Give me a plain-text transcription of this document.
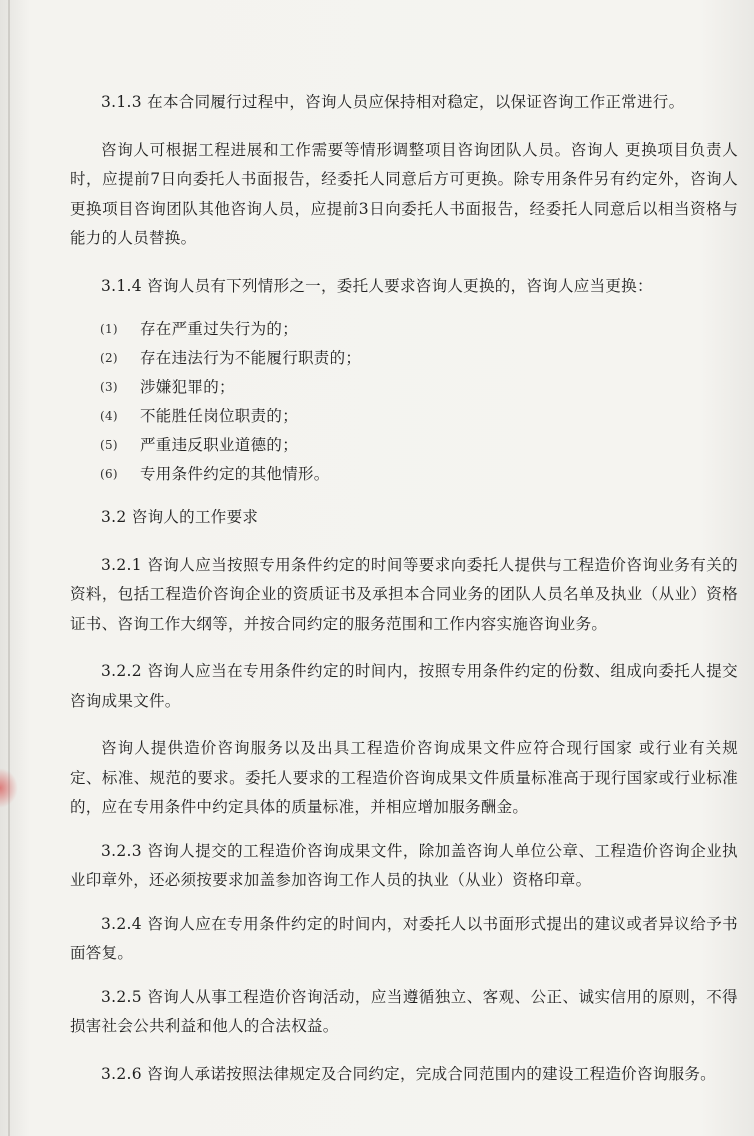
3.1.3 在本合同履行过程中，咨询人员应保持相对稳定，以保证咨询工作正常进行。

咨询人可根据工程进展和工作需要等情形调整项目咨询团队人员。咨询人 更换项目负责人时，应提前7日向委托人书面报告，经委托人同意后方可更换。除专用条件另有约定外，咨询人更换项目咨询团队其他咨询人员，应提前3日向委托人书面报告，经委托人同意后以相当资格与能力的人员替换。

3.1.4 咨询人员有下列情形之一，委托人要求咨询人更换的，咨询人应当更换：

(1)	存在严重过失行为的；
(2)	存在违法行为不能履行职责的；
(3)	涉嫌犯罪的；
(4)	不能胜任岗位职责的；
(5)	严重违反职业道德的；
(6)	专用条件约定的其他情形。

3.2 咨询人的工作要求

3.2.1 咨询人应当按照专用条件约定的时间等要求向委托人提供与工程造价咨询业务有关的资料，包括工程造价咨询企业的资质证书及承担本合同业务的团队人员名单及执业（从业）资格证书、咨询工作大纲等，并按合同约定的服务范围和工作内容实施咨询业务。

3.2.2 咨询人应当在专用条件约定的时间内，按照专用条件约定的份数、组成向委托人提交咨询成果文件。

咨询人提供造价咨询服务以及出具工程造价咨询成果文件应符合现行国家 或行业有关规定、标准、规范的要求。委托人要求的工程造价咨询成果文件质量标准高于现行国家或行业标准的，应在专用条件中约定具体的质量标准，并相应增加服务酬金。

3.2.3 咨询人提交的工程造价咨询成果文件，除加盖咨询人单位公章、工程造价咨询企业执业印章外，还必须按要求加盖参加咨询工作人员的执业（从业）资格印章。

3.2.4 咨询人应在专用条件约定的时间内，对委托人以书面形式提出的建议或者异议给予书面答复。

3.2.5 咨询人从事工程造价咨询活动，应当遵循独立、客观、公正、诚实信用的原则，不得损害社会公共利益和他人的合法权益。

3.2.6 咨询人承诺按照法律规定及合同约定，完成合同范围内的建设工程造价咨询服务。
